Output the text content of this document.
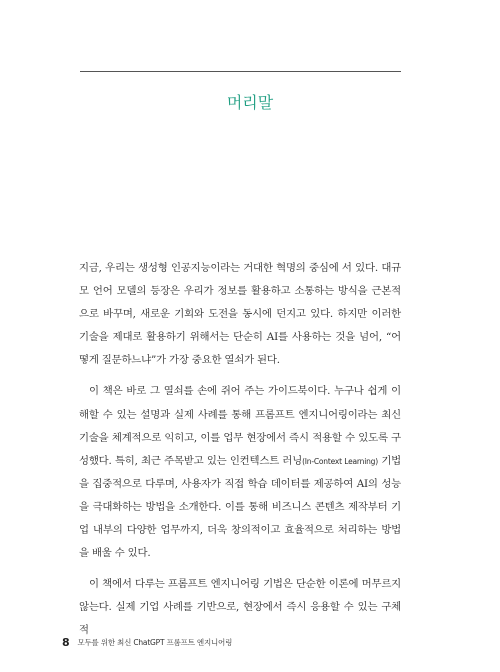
머리말

지금, 우리는 생성형 인공지능이라는 거대한 혁명의 중심에 서 있다. 대규모 언어 모델의 등장은 우리가 정보를 활용하고 소통하는 방식을 근본적으로 바꾸며, 새로운 기회와 도전을 동시에 던지고 있다. 하지만 이러한 기술을 제대로 활용하기 위해서는 단순히 AI를 사용하는 것을 넘어, “어떻게 질문하느냐”가 가장 중요한 열쇠가 된다.

이 책은 바로 그 열쇠를 손에 쥐어 주는 가이드북이다. 누구나 쉽게 이해할 수 있는 설명과 실제 사례를 통해 프롬프트 엔지니어링이라는 최신 기술을 체계적으로 익히고, 이를 업무 현장에서 즉시 적용할 수 있도록 구성했다. 특히, 최근 주목받고 있는 인컨텍스트 러닝(In-Context Learning) 기법을 집중적으로 다루며, 사용자가 직접 학습 데이터를 제공하여 AI의 성능을 극대화하는 방법을 소개한다. 이를 통해 비즈니스 콘텐츠 제작부터 기업 내부의 다양한 업무까지, 더욱 창의적이고 효율적으로 처리하는 방법을 배울 수 있다.

이 책에서 다루는 프롬프트 엔지니어링 기법은 단순한 이론에 머무르지 않는다. 실제 기업 사례를 기반으로, 현장에서 즉시 응용할 수 있는 구체적

8 모두를 위한 최신 ChatGPT 프롬프트 엔지니어링
